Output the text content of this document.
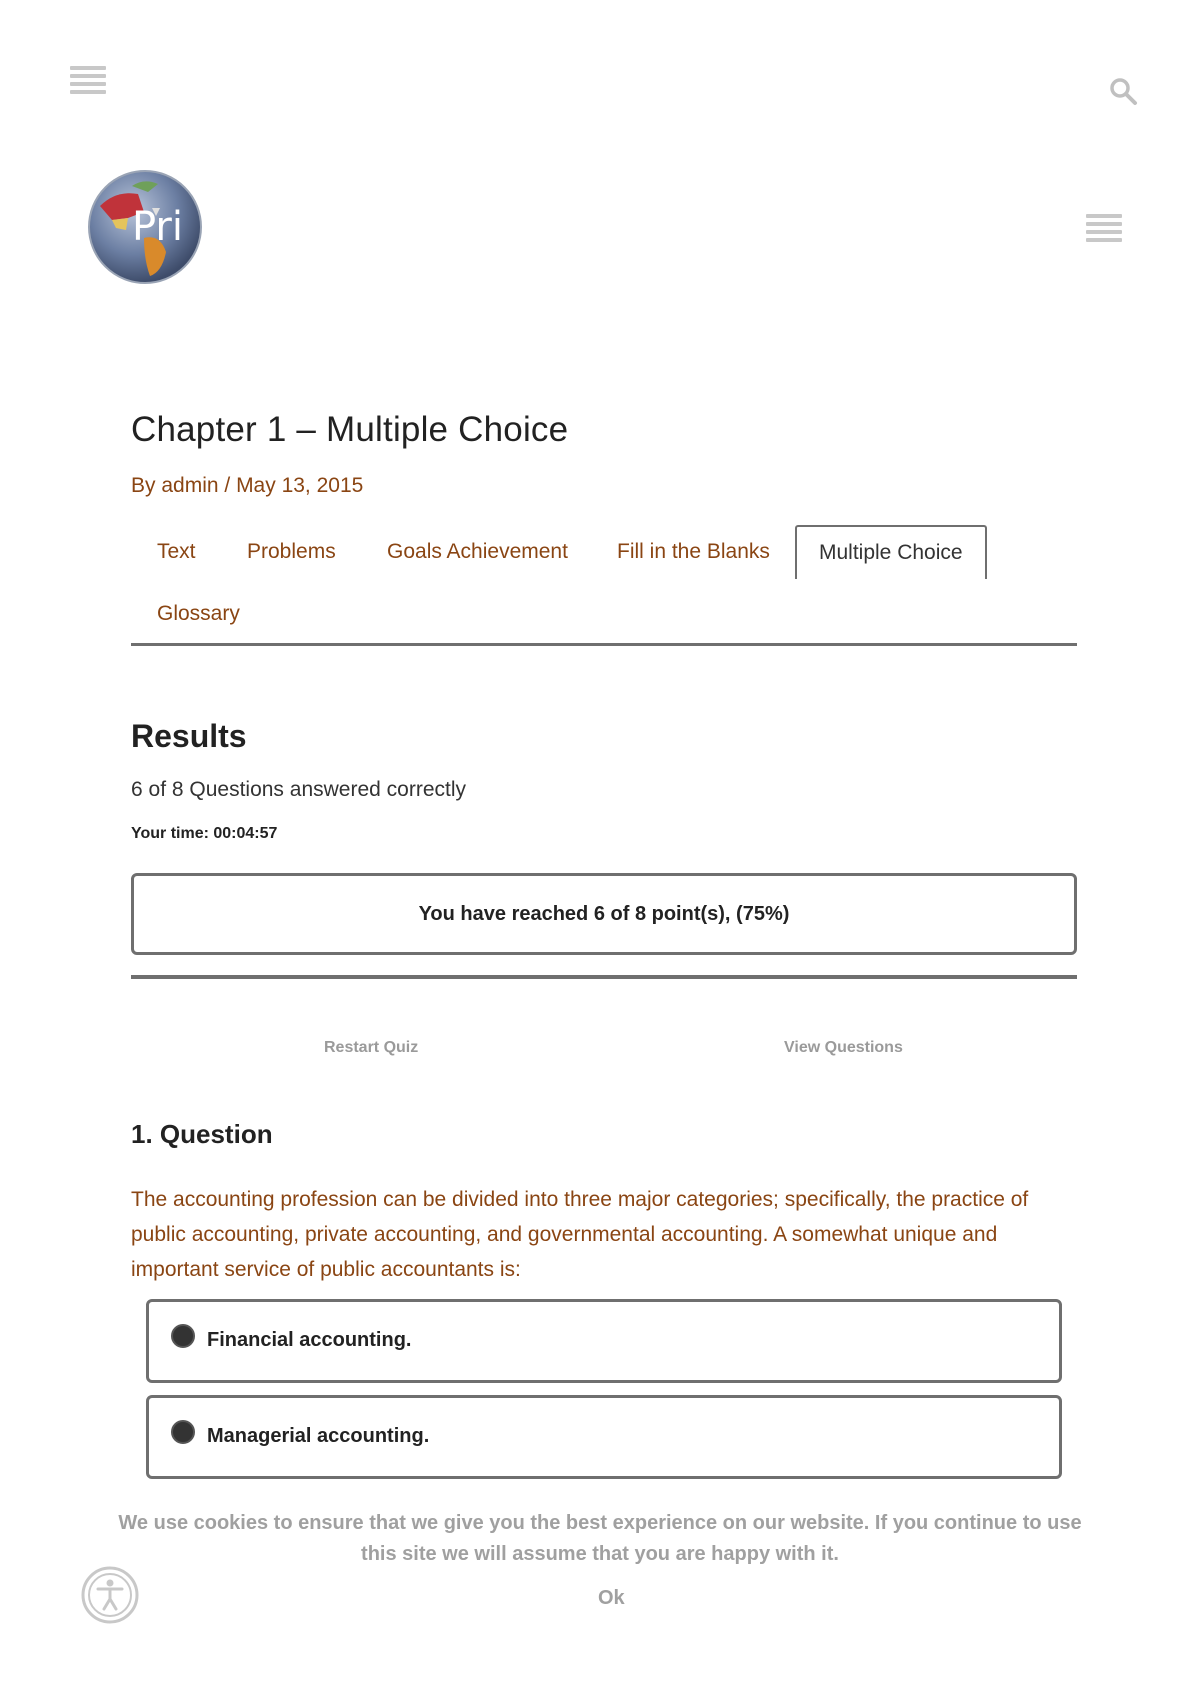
Pri
Chapter 1 – Multiple Choice
By admin / May 13, 2015
Text Problems Goals Achievement Fill in the Blanks	Multiple Choice
Glossary
Results
6 of 8 Questions answered correctly
Your time: 00:04:57
You have reached 6 of 8 point(s), (75%)
Restart Quiz	View Questions
1. Question

The accounting profession can be divided into three major categories; specifically, the practice of public accounting, private accounting, and governmental accounting. A somewhat unique and important service of public accountants is:

Financial accounting.
Managerial accounting.
We use cookies to ensure that we give you the best experience on our website. If you continue to use this site we will assume that you are happy with it.
Ok
